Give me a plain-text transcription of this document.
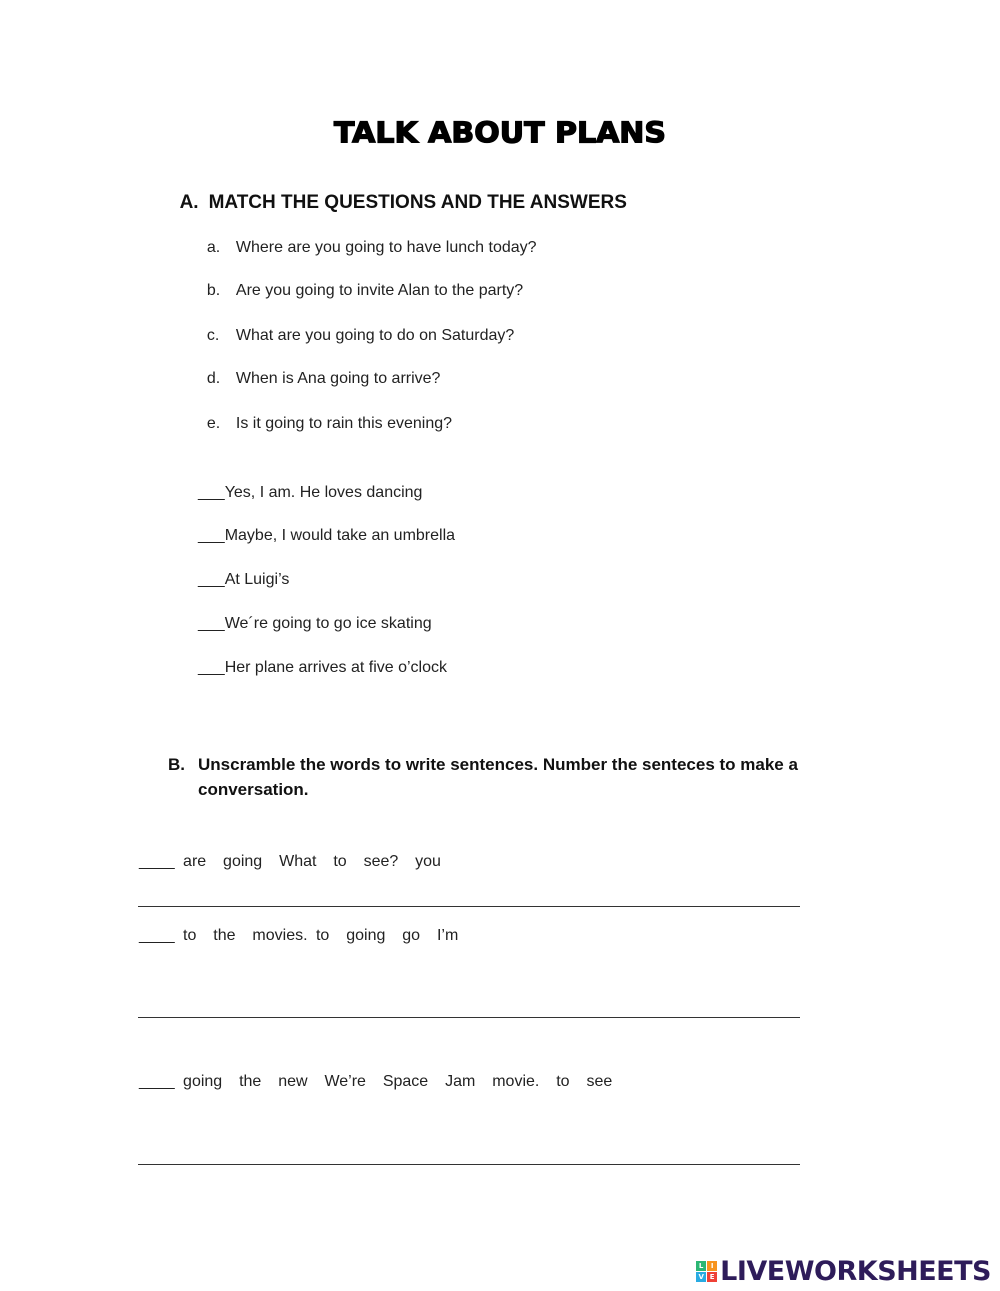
TALK ABOUT PLANS

A. MATCH THE QUESTIONS AND THE ANSWERS

a. Where are you going to have lunch today?

b. Are you going to invite Alan to the party?

c. What are you going to do on Saturday?

d. When is Ana going to arrive?

e. Is it going to rain this evening?

___Yes, I am. He loves dancing
___Maybe, I would take an umbrella
___At Luigi’s
___We´re going to go ice skating
___Her plane arrives at five o’clock
B. Unscramble the words to write sentences. Number the senteces to make a conversation.
____ are  going  What  to  see?  you
____ to  the  movies. to  going  go  I’m
____ going  the  new  We’re  Space  Jam  movie.  to  see
L	I
V E LIVEWORKSHEETS
